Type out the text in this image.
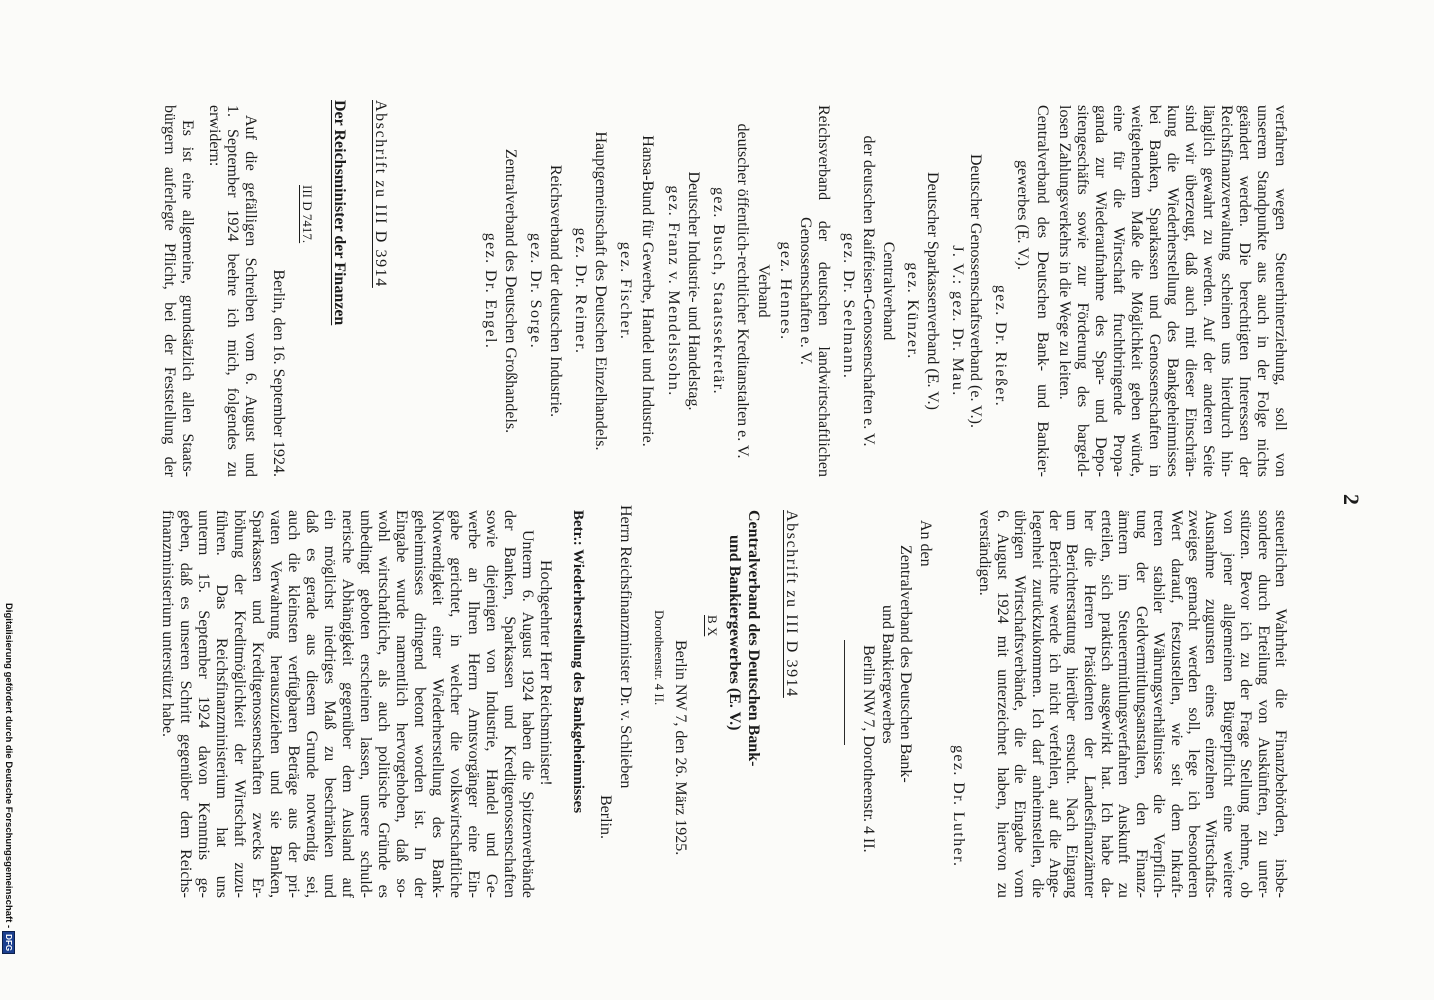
2
verfahren wegen Steuerhinterziehung, soll von
unserem Standpunkte aus auch in der Folge nichts
geändert werden. Die berechtigten Interessen der
Reichsfinanzverwaltung scheinen uns hierdurch hin-
länglich gewahrt zu werden. Auf der anderen Seite
sind wir überzeugt, daß auch mit dieser Einschrän-
kung die Wiederherstellung des Bankgeheimnisses
bei Banken, Sparkassen und Genossenschaften in
weitgehendem Maße die Möglichkeit geben würde,
eine für die Wirtschaft fruchtbringende Propa-
ganda zur Wiederaufnahme des Spar- und Depo-
sitengeschäfts sowie zur Förderung des bargeld-
losen Zahlungsverkehrs in die Wege zu leiten.
Centralverband des Deutschen Bank- und Bankier-
gewerbes (E. V.).
gez. Dr. Rießer.
Deutscher Genossenschaftsverband (e. V.).
J. V.: gez. Dr. Mau.
Deutscher Sparkassenverband (E. V.)
gez. Künzer.
Centralverband
der deutschen Raiffeisen-Genossenschaften e. V.
gez. Dr. Seelmann.
Reichsverband der deutschen landwirtschaftlichen
Genossenschaften e. V.
gez. Hennes.
Verband
deutscher öffentlich-rechtlicher Kreditanstalten e. V.
gez. Busch, Staatssekretär.
Deutscher Industrie- und Handelstag.
gez. Franz v. Mendelssohn.
Hansa-Bund für Gewerbe, Handel und Industrie.
gez. Fischer.
Hauptgemeinschaft des Deutschen Einzelhandels.
gez. Dr. Reimer.
Reichsverband der deutschen Industrie.
gez. Dr. Sorge.
Zentralverband des Deutschen Großhandels.
gez. Dr. Engel.
Abschrift zu III D 3914
Der Reichsminister der Finanzen
III D 7417.
Berlin, den 16. September 1924.
Auf die gefälligen Schreiben vom 6. August und
1. September 1924 beehre ich mich, folgendes zu
erwidern:
Es ist eine allgemeine, grundsätzlich allen Staats-
bürgern auferlegte Pflicht, bei der Feststellung der
steuerlichen Wahrheit die Finanzbehörden, insbe-
sondere durch Erteilung von Auskünften, zu unter-
stützen. Bevor ich zu der Frage Stellung nehme, ob
von jener allgemeinen Bürgerpflicht eine weitere
Ausnahme zugunsten eines einzelnen Wirtschafts-
zweiges gemacht werden soll, lege ich besonderen
Wert darauf, festzustellen, wie seit dem Inkraft-
treten stabiler Währungsverhältnisse die Verpflich-
tung der Geldvermittlungsanstalten, den Finanz-
ämtern im Steuerermittlungsverfahren Auskunft zu
erteilen, sich praktisch ausgewirkt hat. Ich habe da-
her die Herren Präsidenten der Landesfinanzämter
um Berichterstattung hierüber ersucht. Nach Eingang
der Berichte werde ich nicht verfehlen, auf die Ange-
legenheit zurückzukommen. Ich darf anheimstellen, die
übrigen Wirtschaftsverbände, die die Eingabe vom
6. August 1924 mit unterzeichnet haben, hiervon zu
verständigen.
gez. Dr. Luther.
An den
Zentralverband des Deutschen Bank-
und Bankiergewerbes
Berlin NW 7, Dorotheenstr. 4 II.
Abschrift zu III D 3914
Centralverband des Deutschen Bank-
und Bankiergewerbes (E. V.)
B X
Berlin NW 7, den 26. März 1925.
Dorotheenstr. 4 II.
Herrn Reichsfinanzminister Dr. v. Schlieben
Berlin.
Betr.: Wiederherstellung des Bankgeheimnisses
Hochgeehrter Herr Reichsminister!
Unterm 6. August 1924 haben die Spitzenverbände
der Banken, Sparkassen und Kreditgenossenschaften
sowie diejenigen von Industrie, Handel und Ge-
werbe an Ihren Herrn Amtsvorgänger eine Ein-
gabe gerichtet, in welcher die volkswirtschaftliche
Notwendigkeit einer Wiederherstellung des Bank-
geheimnisses dringend betont worden ist. In der
Eingabe wurde namentlich hervorgehoben, daß so-
wohl wirtschaftliche, als auch politische Gründe es
unbedingt geboten erscheinen lassen, unsere schuld-
nerische Abhängigkeit gegenüber dem Ausland auf
ein möglichst niedriges Maß zu beschränken und
daß es gerade aus diesem Grunde notwendig sei,
auch die kleinsten verfügbaren Beträge aus der pri-
vaten Verwahrung herauszuziehen und sie Banken,
Sparkassen und Kreditgenossenschaften zwecks Er-
höhung der Kreditmöglichkeit der Wirtschaft zuzu-
führen. Das Reichsfinanzministerium hat uns
unterm 15. September 1924 davon Kenntnis ge-
geben, daß es unseren Schritt gegenüber dem Reichs-
finanzministerium unterstützt habe.
Digitalisierung gefördert durch die Deutsche Forschungsgemeinschaft -
DFG
